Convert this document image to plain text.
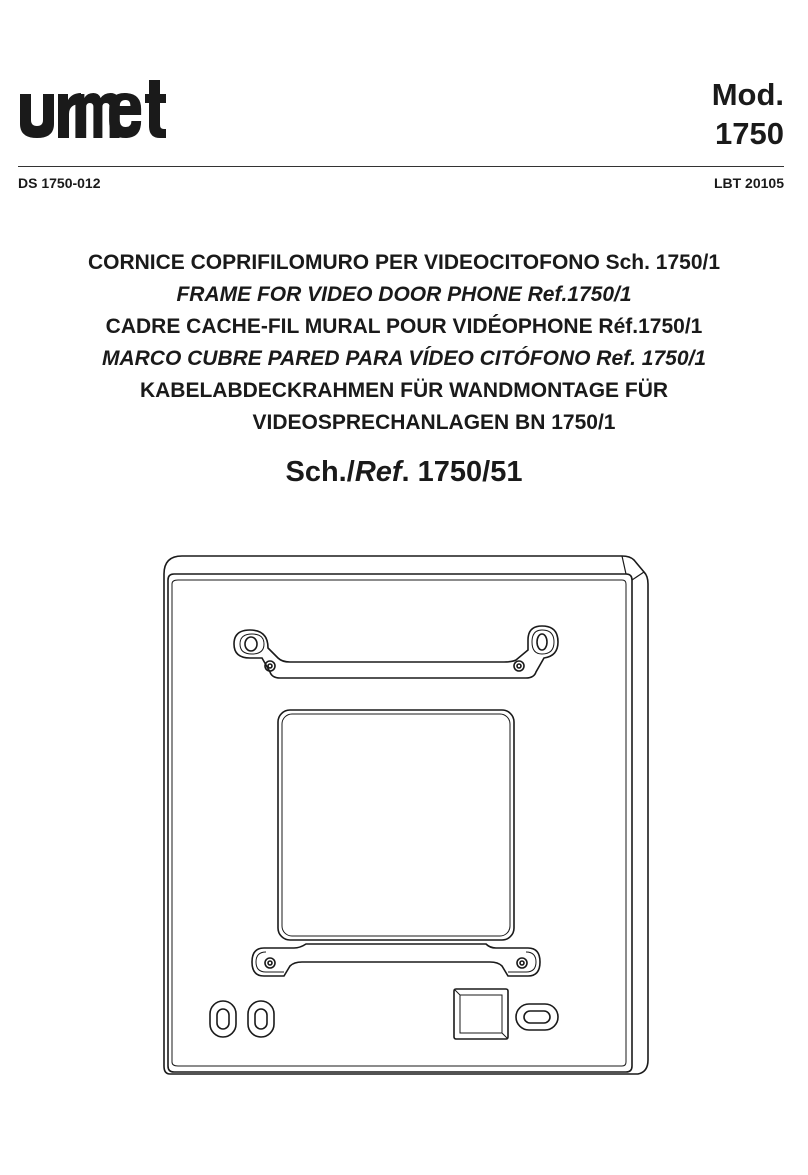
Mod.
1750
DS 1750-012	LBT 20105
CORNICE COPRIFILOMURO PER VIDEOCITOFONO Sch. 1750/1
FRAME FOR VIDEO DOOR PHONE Ref.1750/1
CADRE CACHE-FIL MURAL POUR VIDÉOPHONE Réf.1750/1
MARCO CUBRE PARED PARA VÍDEO CITÓFONO Ref. 1750/1
KABELABDECKRAHMEN FÜR WANDMONTAGE FÜR
VIDEOSPRECHANLAGEN BN 1750/1
Sch./Ref. 1750/51
